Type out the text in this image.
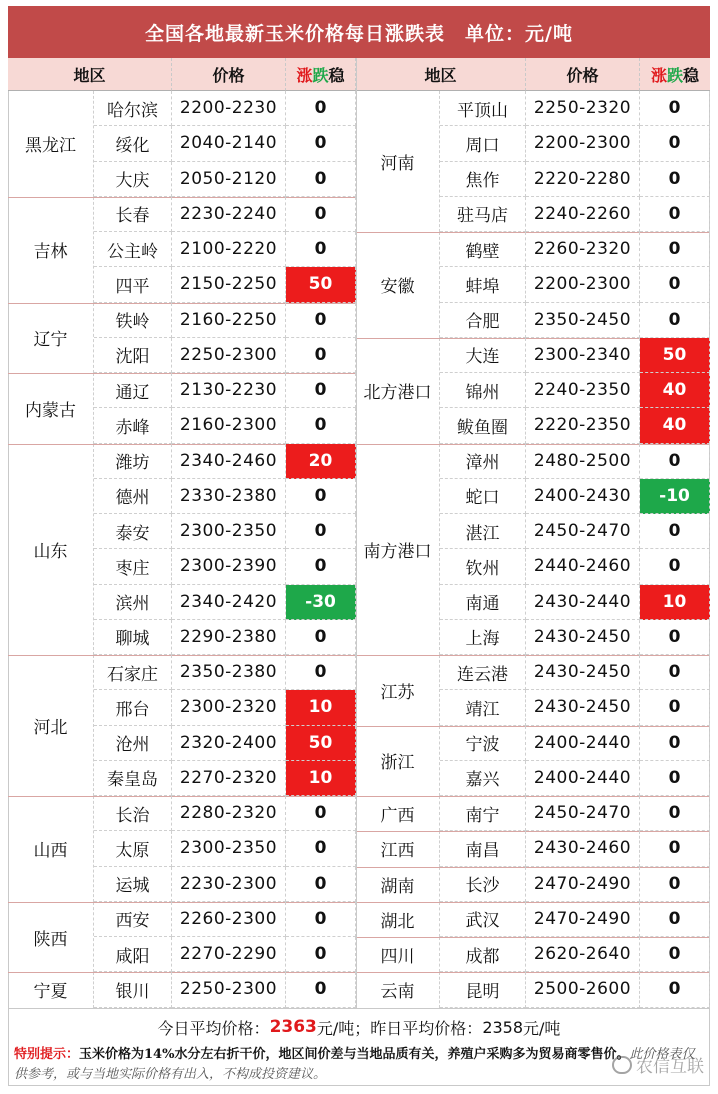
全国各地最新玉米价格每日涨跌表　单位：元/吨
地区	价格	涨 跌 稳	地区	价格	涨 跌 稳
黑龙江
哈尔滨	2200-2230	0
绥化	2040-2140	0
大庆	2050-2120	0
吉林
长春	2230-2240	0
公主岭	2100-2220	0
四平	2150-2250	50
辽宁
铁岭	2160-2250	0
沈阳	2250-2300	0
内蒙古
通辽	2130-2230	0
赤峰	2160-2300	0
山东
潍坊	2340-2460	20
德州	2330-2380	0
泰安	2300-2350	0
枣庄	2300-2390	0
滨州	2340-2420	-30
聊城	2290-2380	0
河北
石家庄	2350-2380	0
邢台	2300-2320	10
沧州	2320-2400	50
秦皇岛	2270-2320	10
山西
长治	2280-2320	0
太原	2300-2350	0
运城	2230-2300	0
陕西
西安	2260-2300	0
咸阳	2270-2290	0
宁夏	银川	2250-2300	0
河南
平顶山	2250-2320	0
周口	2200-2300	0
焦作	2220-2280	0
驻马店	2240-2260	0
安徽
鹤壁	2260-2320	0
蚌埠	2200-2300	0
合肥	2350-2450	0
北方港口
大连	2300-2340	50
锦州	2240-2350	40
鲅鱼圈	2220-2350	40
南方港口
漳州	2480-2500	0
蛇口	2400-2430	-10
湛江	2450-2470	0
钦州	2440-2460	0
南通	2430-2440	10
上海	2430-2450	0
江苏
连云港	2430-2450	0
靖江	2430-2450	0
浙江
宁波	2400-2440	0
嘉兴	2400-2440	0
广西	南宁	2450-2470	0
江西	南昌	2430-2460	0
湖南	长沙	2470-2490	0
湖北	武汉	2470-2490	0
四川	成都	2620-2640	0
云南	昆明	2500-2600	0
今日平均价格： 2363 元/吨； 昨日平均价格： 2358 元/吨
特别提示：玉米价格为14%水分左右折干价，地区间价差与当地品质有关，养殖户采购多为贸易商零售价。此价格表仅供参考，或与当地实际价格有出入，不构成投资建议。	农信互联
